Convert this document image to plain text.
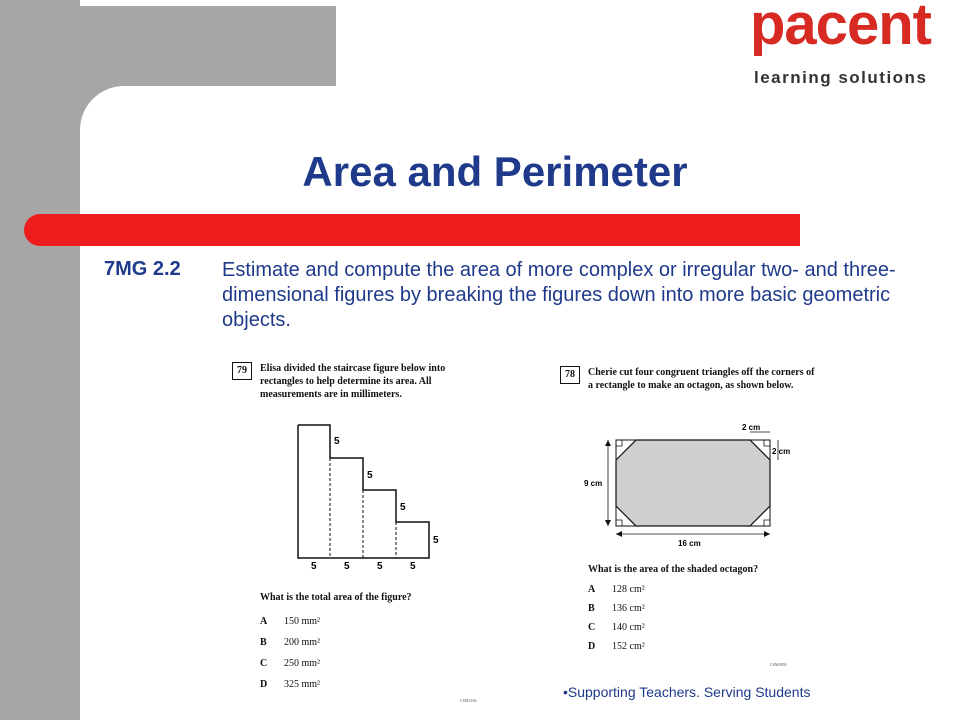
pacent
learning solutions
Area and Perimeter
7MG 2.2 Estimate and compute the area of more complex or irregular two- and three- dimensional figures by breaking the figures down into more basic geometric objects.
79	Elisa divided the staircase figure below into rectangles to help determine its area. All measurements are in millimeters.
5
5
5
5
5	5	5	5
What is the total area of the figure?
A 150 mm²
B 200 mm²
C 250 mm²
D 325 mm²
CSM2106
78	Cherie cut four congruent triangles off the corners of a rectangle to make an octagon, as shown below.
2 cm
2 cm
9 cm
16 cm
What is the area of the shaded octagon?
A 128 cm²
B 136 cm²
C 140 cm²
D 152 cm²
CSM0858
•Supporting Teachers. Serving Students
